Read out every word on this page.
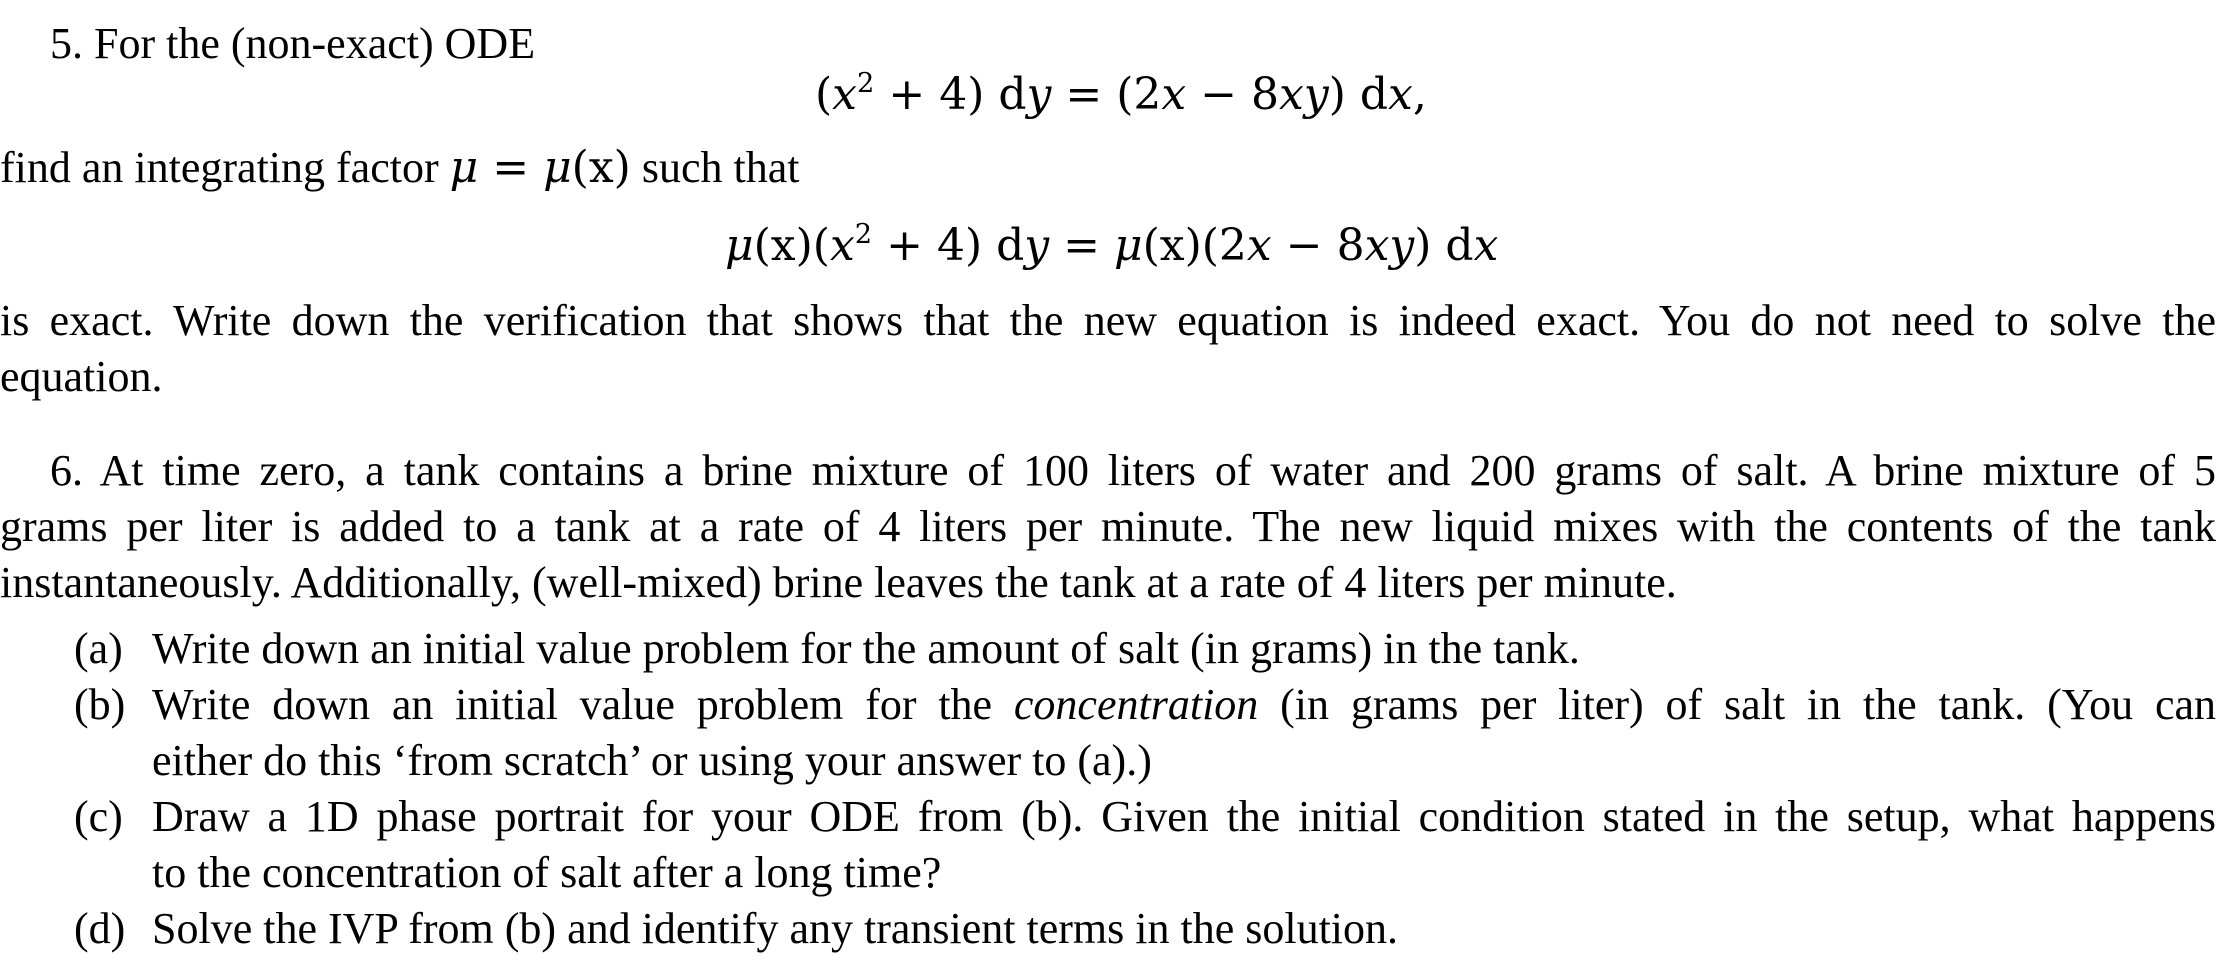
5. For the (non-exact) ODE
$(x^2 + 4)$ dy = (2x − 8xy) dx,
find an integrating factor μ = μ(x) such that
$\mu(x)(x^2 + 4)$ dy = μ(x)(2x − 8xy) dx
is exact. Write down the verification that shows that the new equation is indeed exact. You do not need to solve the
equation.
6. At time zero, a tank contains a brine mixture of 100 liters of water and 200 grams of salt. A brine mixture of 5
grams per liter is added to a tank at a rate of 4 liters per minute. The new liquid mixes with the contents of the tank
instantaneously. Additionally, (well-mixed) brine leaves the tank at a rate of 4 liters per minute.
(a) Write down an initial value problem for the amount of salt (in grams) in the tank.
(b) Write down an initial value problem for the concentration (in grams per liter) of salt in the tank. (You can
either do this ‘from scratch’ or using your answer to (a).)
(c) Draw a 1D phase portrait for your ODE from (b). Given the initial condition stated in the setup, what happens
to the concentration of salt after a long time?
(d) Solve the IVP from (b) and identify any transient terms in the solution.
